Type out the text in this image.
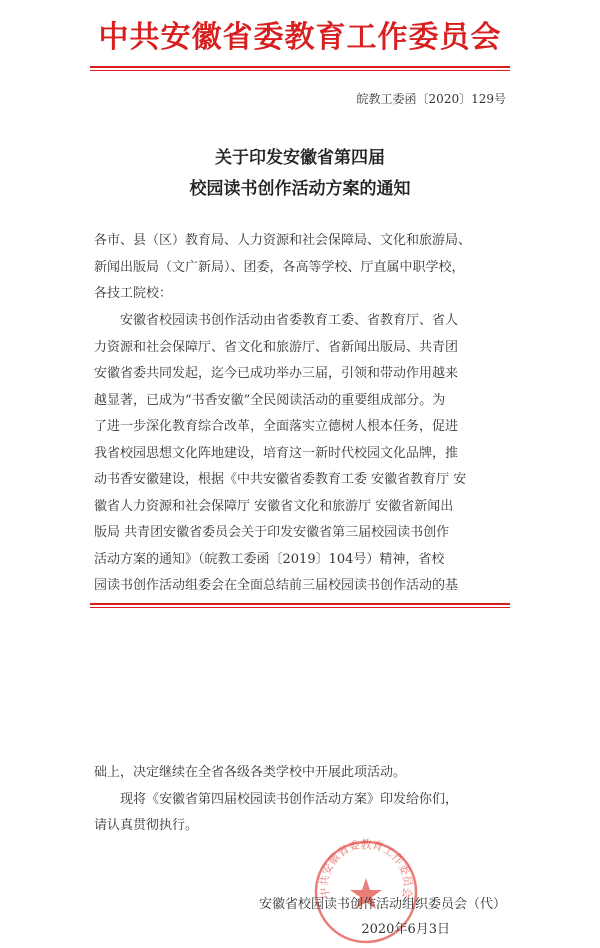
中共安徽省委教育工作委员会
皖教工委函〔2020〕129号
关于印发安徽省第四届
校园读书创作活动方案的通知
各市、县（区）教育局、人力资源和社会保障局、文化和旅游局、
新闻出版局（文广新局）、团委，各高等学校、厅直属中职学校，
各技工院校：
安徽省校园读书创作活动由省委教育工委、省教育厅、省人
力资源和社会保障厅、省文化和旅游厅、省新闻出版局、共青团
安徽省委共同发起，迄今已成功举办三届，引领和带动作用越来
越显著，已成为“书香安徽”全民阅读活动的重要组成部分。为
了进一步深化教育综合改革，全面落实立德树人根本任务，促进
我省校园思想文化阵地建设，培育这一新时代校园文化品牌，推
动书香安徽建设，根据《中共安徽省委教育工委 安徽省教育厅 安
徽省人力资源和社会保障厅 安徽省文化和旅游厅 安徽省新闻出
版局 共青团安徽省委员会关于印发安徽省第三届校园读书创作
活动方案的通知》（皖教工委函〔2019〕104号）精神，省校
园读书创作活动组委会在全面总结前三届校园读书创作活动的基
础上，决定继续在全省各级各类学校中开展此项活动。
现将《安徽省第四届校园读书创作活动方案》印发给你们，
请认真贯彻执行。
中共安徽省委教育工作委员会
安徽省校园读书创作活动组织委员会（代）
2020年6月3日
